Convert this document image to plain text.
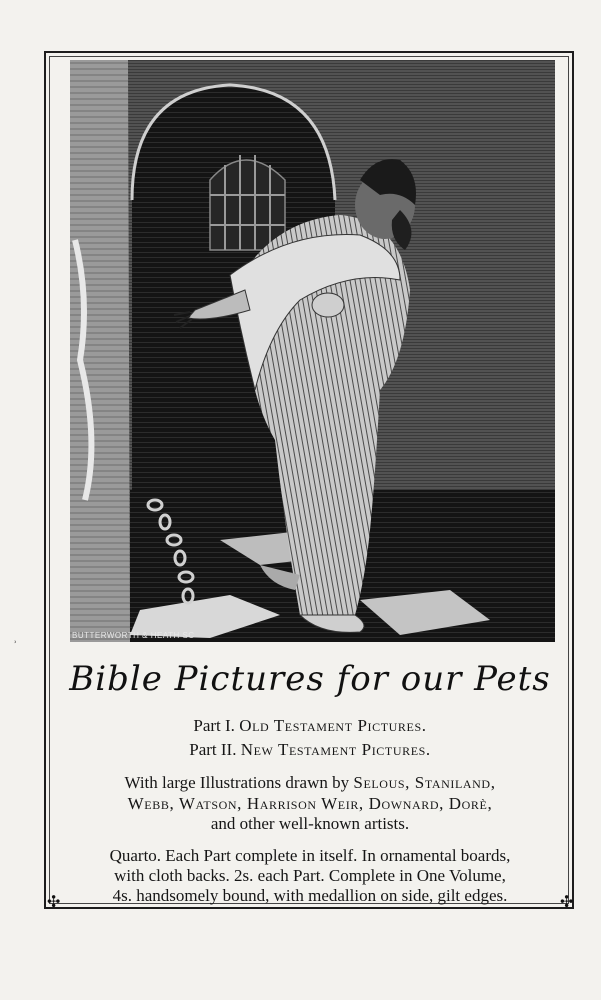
BUTTERWORTH & HEATH SC
Bible Pictures for our Pets
Part I. Old Testament Pictures.
Part II. New Testament Pictures.
With large Illustrations drawn by Selous, Staniland,
Webb, Watson, Harrison Weir, Downard, Dorè,
and other well-known artists.
Quarto. Each Part complete in itself. In ornamental boards,
with cloth backs. 2s. each Part. Complete in One Volume,
4s. handsomely bound, with medallion on side, gilt edges.
✣	✣
ʾ
